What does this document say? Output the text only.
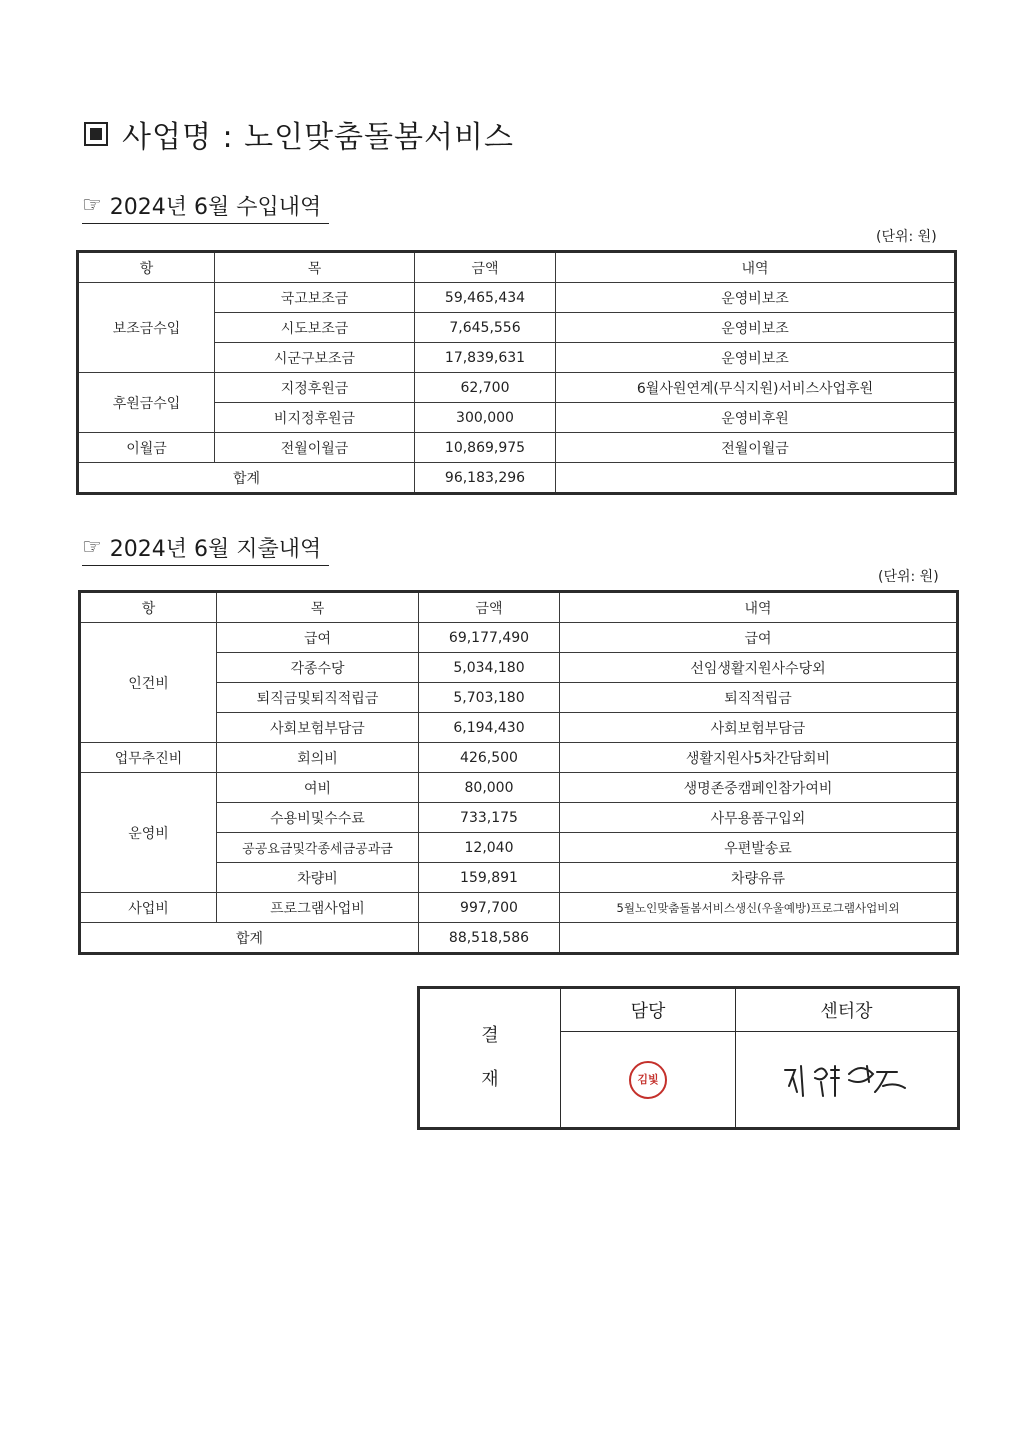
사업명 : 노인맞춤돌봄서비스
☞ 2024년 6월 수입내역
(단위: 원)
항	목	금액	내역
보조금수입	국고보조금	59,465,434	운영비보조
	시도보조금	7,645,556	운영비보조
	시군구보조금	17,839,631	운영비보조
후원금수입	지정후원금	62,700	6월사원연계(무식지원)서비스사업후원
	비지정후원금	300,000	운영비후원
이월금	전월이월금	10,869,975	전월이월금
합계		96,183,296	
☞ 2024년 6월 지출내역
(단위: 원)
항	목	금액	내역
인건비	급여	69,177,490	급여
	각종수당	5,034,180	선임생활지원사수당외
	퇴직금및퇴직적립금	5,703,180	퇴직적립금
	사회보험부담금	6,194,430	사회보험부담금
업무추진비	회의비	426,500	생활지원사5차간담회비
운영비	여비	80,000	생명존중캠페인참가여비
	수용비및수수료	733,175	사무용품구입외
	공공요금및각종세금공과금	12,040	우편발송료
	차량비	159,891	차량유류
사업비	프로그램사업비	997,700	5월노인맞춤돌봄서비스생신(우울예방)프로그램사업비외
합계		88,518,586	
결
재	담당	센터장
	김빛	
